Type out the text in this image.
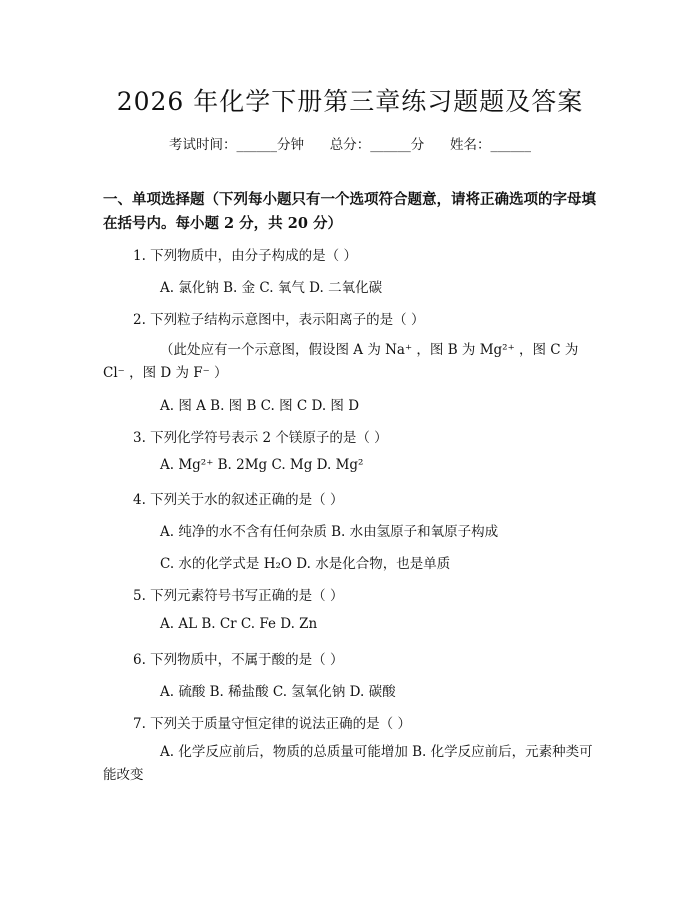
2026 年化学下册第三章练习题题及答案
考试时间：______分钟      总分：______分      姓名：______
一、单项选择题（下列每小题只有一个选项符合题意，请将正确选项的字母填在括号内。每小题 2 分，共 20 分）
1. 下列物质中，由分子构成的是（ ）
A. 氯化钠 B. 金 C. 氧气 D. 二氧化碳
2. 下列粒子结构示意图中，表示阳离子的是（ ）
（此处应有一个示意图，假设图 A 为 Na⁺ ，图 B 为 Mg²⁺ ，图 C 为 Cl⁻ ，图 D 为 F⁻ ）
A. 图 A B. 图 B C. 图 C D. 图 D
3. 下列化学符号表示 2 个镁原子的是（ ）
A. Mg²⁺ B. 2Mg C. Mg D. Mg²
4. 下列关于水的叙述正确的是（ ）
A. 纯净的水不含有任何杂质 B. 水由氢原子和氧原子构成
C. 水的化学式是 H₂O D. 水是化合物，也是单质
5. 下列元素符号书写正确的是（ ）
A. AL B. Cr C. Fe D. Zn
6. 下列物质中，不属于酸的是（ ）
A. 硫酸 B. 稀盐酸 C. 氢氧化钠 D. 碳酸
7. 下列关于质量守恒定律的说法正确的是（ ）
A. 化学反应前后，物质的总质量可能增加 B. 化学反应前后，元素种类可能改变
